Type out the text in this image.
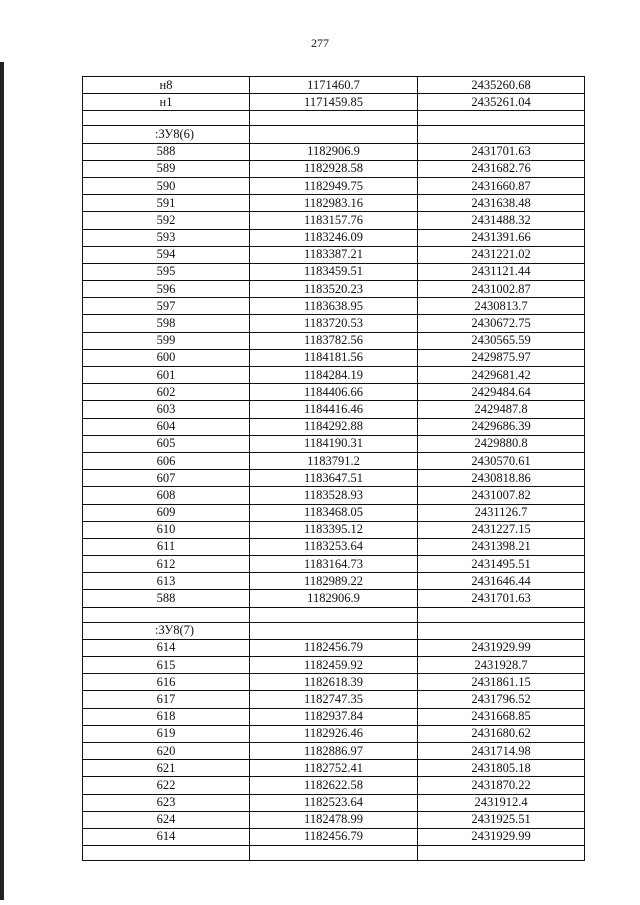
277
н8	1171460.7	2435260.68
н1	1171459.85	2435261.04

:ЗУ8(6)		
588	1182906.9	2431701.63
589	1182928.58	2431682.76
590	1182949.75	2431660.87
591	1182983.16	2431638.48
592	1183157.76	2431488.32
593	1183246.09	2431391.66
594	1183387.21	2431221.02
595	1183459.51	2431121.44
596	1183520.23	2431002.87
597	1183638.95	2430813.7
598	1183720.53	2430672.75
599	1183782.56	2430565.59
600	1184181.56	2429875.97
601	1184284.19	2429681.42
602	1184406.66	2429484.64
603	1184416.46	2429487.8
604	1184292.88	2429686.39
605	1184190.31	2429880.8
606	1183791.2	2430570.61
607	1183647.51	2430818.86
608	1183528.93	2431007.82
609	1183468.05	2431126.7
610	1183395.12	2431227.15
611	1183253.64	2431398.21
612	1183164.73	2431495.51
613	1182989.22	2431646.44
588	1182906.9	2431701.63

:ЗУ8(7)		
614	1182456.79	2431929.99
615	1182459.92	2431928.7
616	1182618.39	2431861.15
617	1182747.35	2431796.52
618	1182937.84	2431668.85
619	1182926.46	2431680.62
620	1182886.97	2431714.98
621	1182752.41	2431805.18
622	1182622.58	2431870.22
623	1182523.64	2431912.4
624	1182478.99	2431925.51
614	1182456.79	2431929.99
